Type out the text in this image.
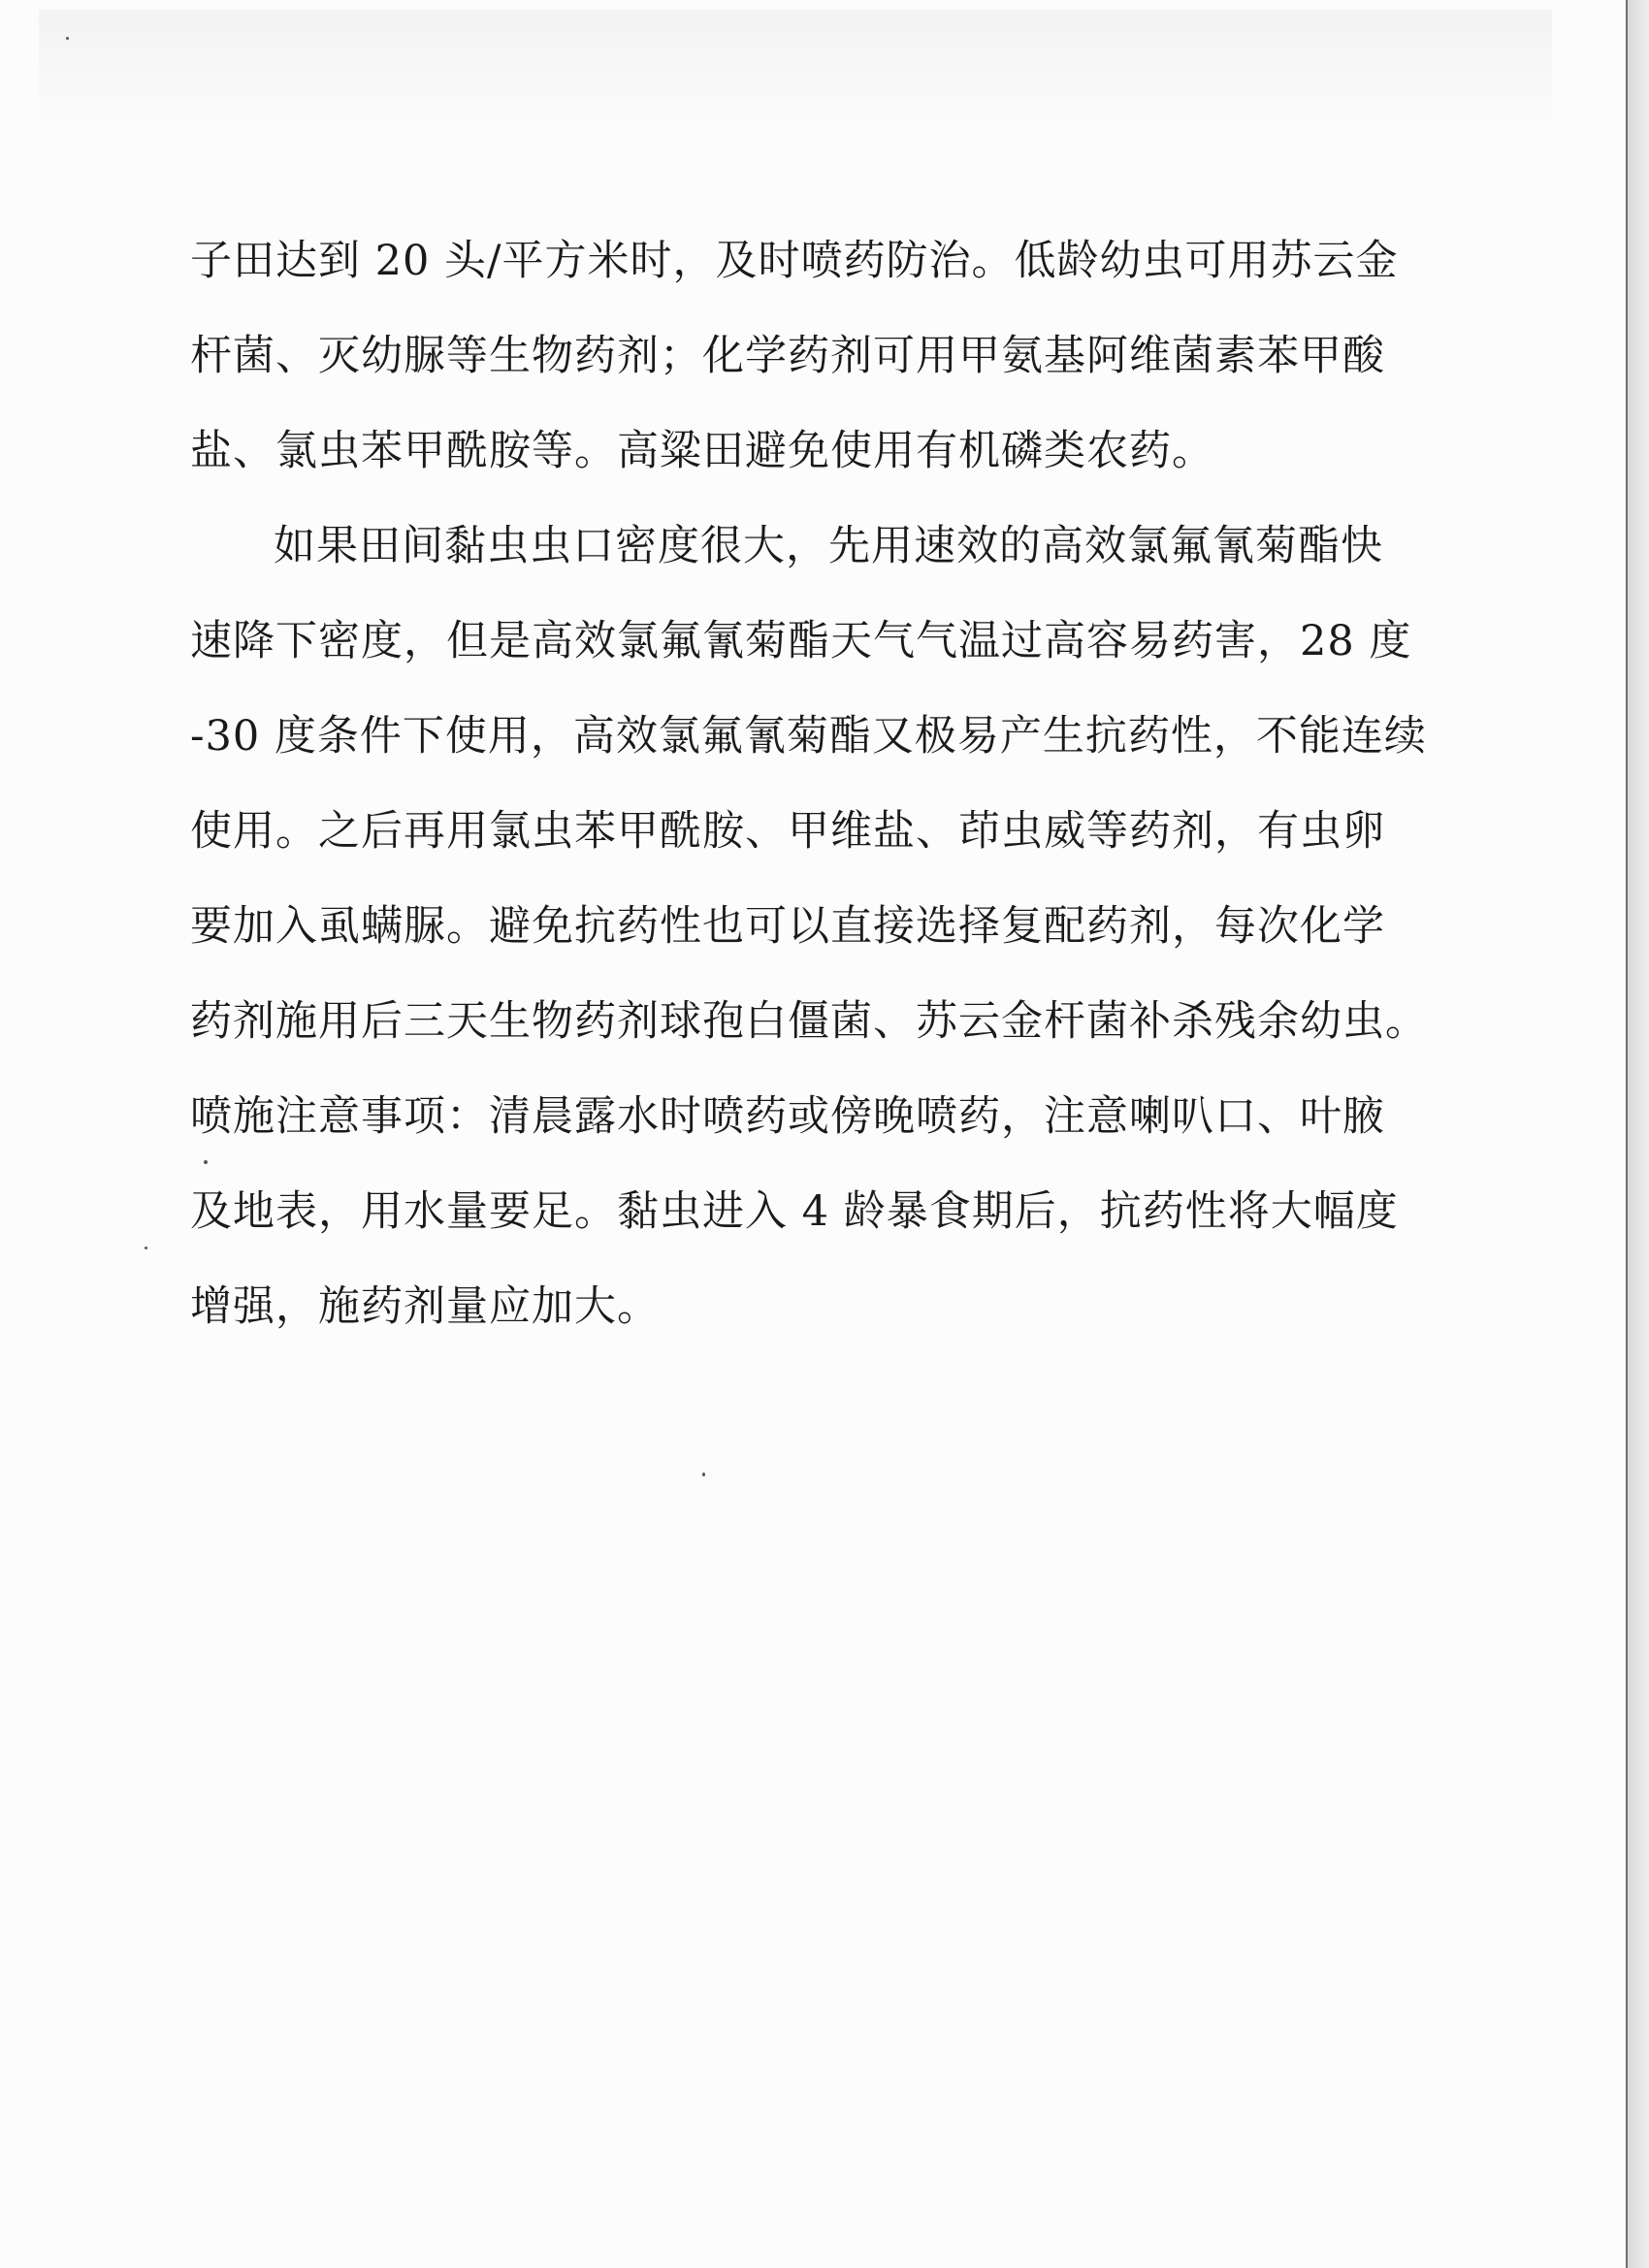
子田达到 20 头/平方米时，及时喷药防治。低龄幼虫可用苏云金
杆菌、灭幼脲等生物药剂；化学药剂可用甲氨基阿维菌素苯甲酸
盐、氯虫苯甲酰胺等。高粱田避免使用有机磷类农药。
如果田间黏虫虫口密度很大，先用速效的高效氯氟氰菊酯快
速降下密度，但是高效氯氟氰菊酯天气气温过高容易药害，28 度
-30 度条件下使用，高效氯氟氰菊酯又极易产生抗药性，不能连续
使用。之后再用氯虫苯甲酰胺、甲维盐、茚虫威等药剂，有虫卵
要加入虱螨脲。避免抗药性也可以直接选择复配药剂，每次化学
药剂施用后三天生物药剂球孢白僵菌、苏云金杆菌补杀残余幼虫。
喷施注意事项：清晨露水时喷药或傍晚喷药，注意喇叭口、叶腋
及地表，用水量要足。黏虫进入 4 龄暴食期后，抗药性将大幅度
增强，施药剂量应加大。
